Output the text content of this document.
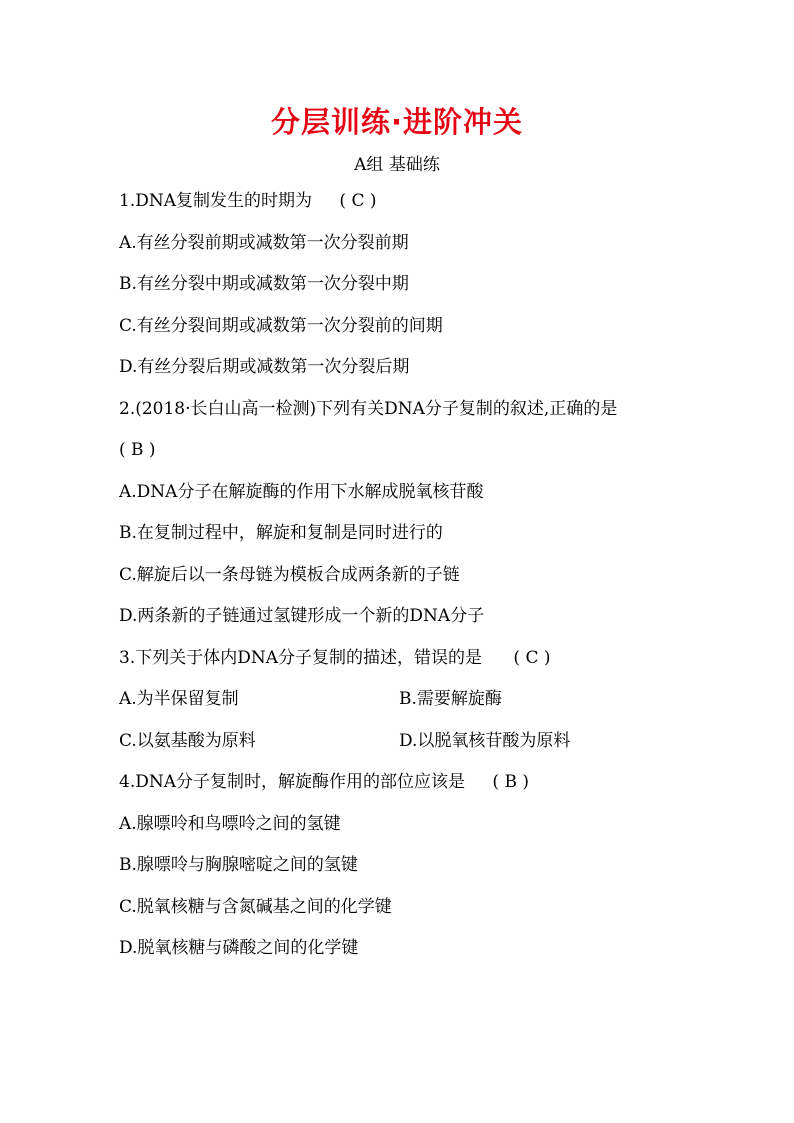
分层训练·进阶冲关
A组 基础练
1.DNA复制发生的时期为 ( C )
A.有丝分裂前期或减数第一次分裂前期
B.有丝分裂中期或减数第一次分裂中期
C.有丝分裂间期或减数第一次分裂前的间期
D.有丝分裂后期或减数第一次分裂后期
2.(2018·长白山高一检测)下列有关DNA分子复制的叙述,正确的是
( B )
A.DNA分子在解旋酶的作用下水解成脱氧核苷酸
B.在复制过程中，解旋和复制是同时进行的
C.解旋后以一条母链为模板合成两条新的子链
D.两条新的子链通过氢键形成一个新的DNA分子
3.下列关于体内DNA分子复制的描述，错误的是 ( C )
A.为半保留复制	B.需要解旋酶
C.以氨基酸为原料	D.以脱氧核苷酸为原料
4.DNA分子复制时，解旋酶作用的部位应该是 ( B )
A.腺嘌呤和鸟嘌呤之间的氢键
B.腺嘌呤与胸腺嘧啶之间的氢键
C.脱氧核糖与含氮碱基之间的化学键
D.脱氧核糖与磷酸之间的化学键
